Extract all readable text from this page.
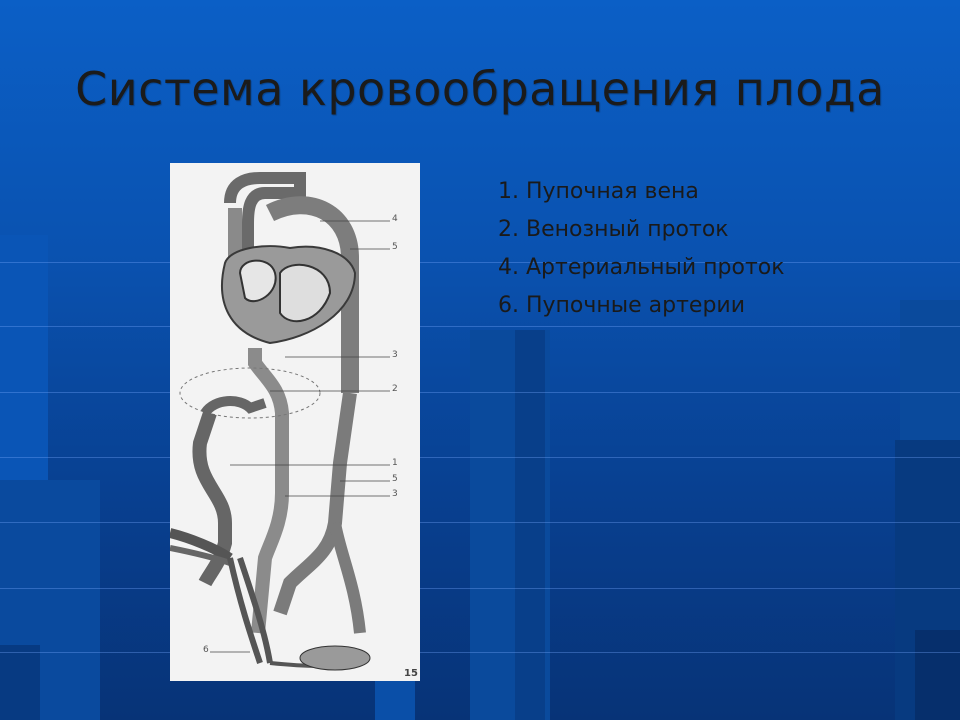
Система кровообращения плода
4
5
3
2
1
5
3
6
15
1. Пупочная вена
2. Венозный проток
4. Артериальный проток
6. Пупочные артерии
